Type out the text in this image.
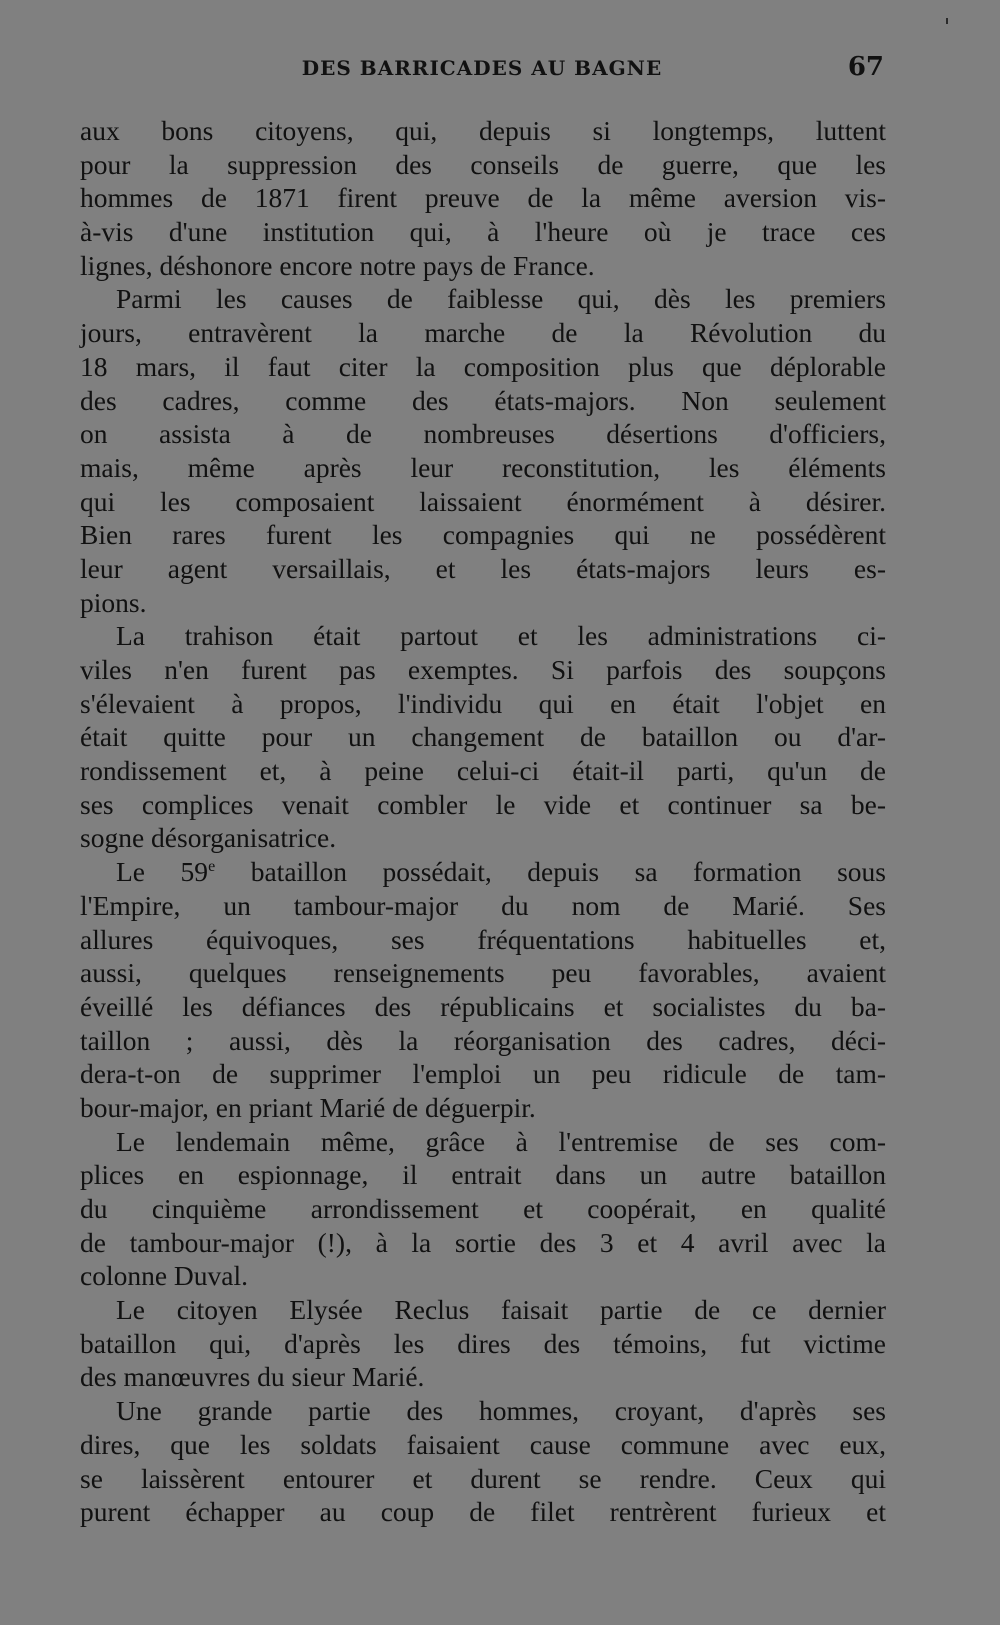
DES BARRICADES AU BAGNE	67
aux bons citoyens, qui, depuis si longtemps, luttent
pour la suppression des conseils de guerre, que les
hommes de 1871 firent preuve de la même aversion vis-
à-vis d'une institution qui, à l'heure où je trace ces
lignes, déshonore encore notre pays de France.
Parmi les causes de faiblesse qui, dès les premiers
jours, entravèrent la marche de la Révolution du
18 mars, il faut citer la composition plus que déplorable
des cadres, comme des états-majors. Non seulement
on assista à de nombreuses désertions d'officiers,
mais, même après leur reconstitution, les éléments
qui les composaient laissaient énormément à désirer.
Bien rares furent les compagnies qui ne possédèrent
leur agent versaillais, et les états-majors leurs es-
pions.
La trahison était partout et les administrations ci-
viles n'en furent pas exemptes. Si parfois des soupçons
s'élevaient à propos, l'individu qui en était l'objet en
était quitte pour un changement de bataillon ou d'ar-
rondissement et, à peine celui-ci était-il parti, qu'un de
ses complices venait combler le vide et continuer sa be-
sogne désorganisatrice.
Le 59e bataillon possédait, depuis sa formation sous
l'Empire, un tambour-major du nom de Marié. Ses
allures équivoques, ses fréquentations habituelles et,
aussi, quelques renseignements peu favorables, avaient
éveillé les défiances des républicains et socialistes du ba-
taillon ; aussi, dès la réorganisation des cadres, déci-
dera-t-on de supprimer l'emploi un peu ridicule de tam-
bour-major, en priant Marié de déguerpir.
Le lendemain même, grâce à l'entremise de ses com-
plices en espionnage, il entrait dans un autre bataillon
du cinquième arrondissement et coopérait, en qualité
de tambour-major (!), à la sortie des 3 et 4 avril avec la
colonne Duval.
Le citoyen Elysée Reclus faisait partie de ce dernier
bataillon qui, d'après les dires des témoins, fut victime
des manœuvres du sieur Marié.
Une grande partie des hommes, croyant, d'après ses
dires, que les soldats faisaient cause commune avec eux,
se laissèrent entourer et durent se rendre. Ceux qui
purent échapper au coup de filet rentrèrent furieux et
